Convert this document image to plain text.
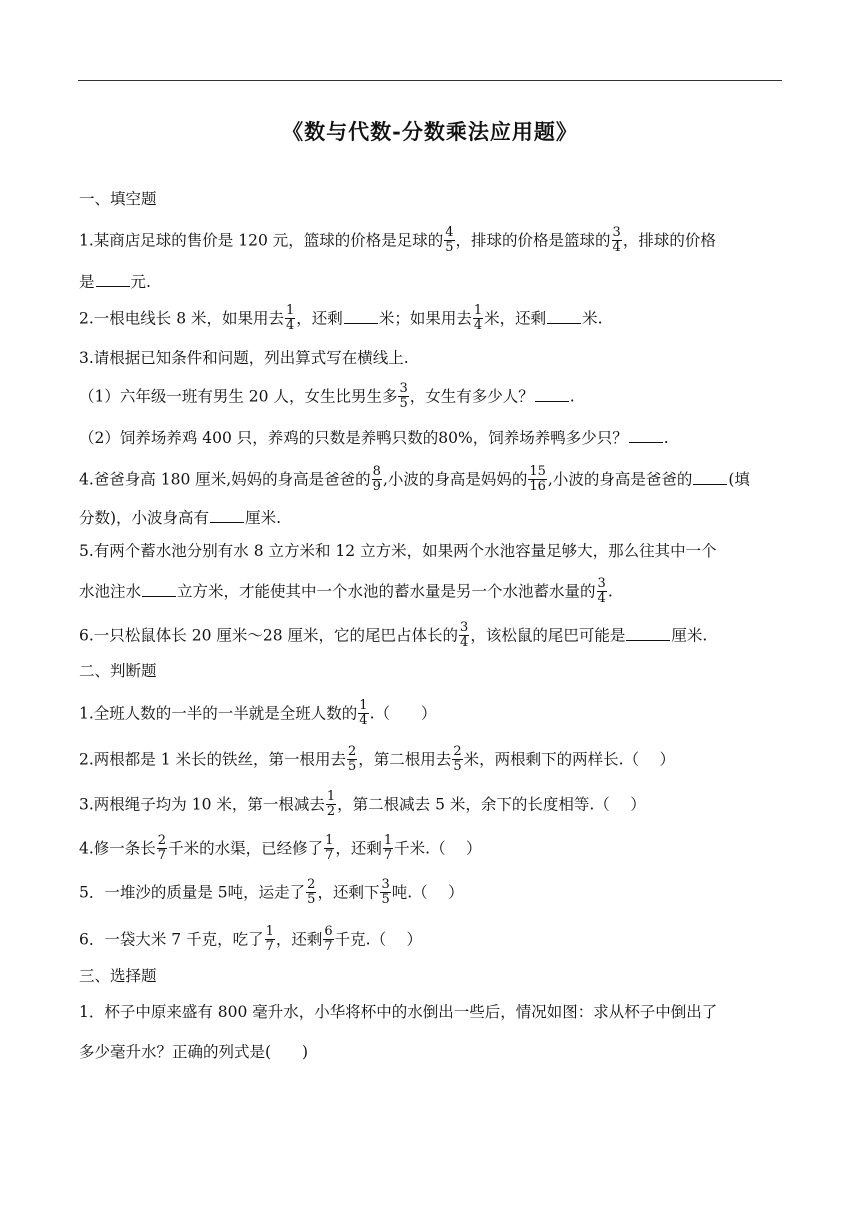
《数与代数-分数乘法应用题》
一、填空题
1.某商店足球的售价是 120 元，篮球的价格是足球的 $\frac{4}{5}$ ，排球的价格是篮球的 $\frac{3}{4}$ ，排球的价格
是 元.
2.一根电线长 8 米，如果用去 $\frac{1}{4}$ ，还剩 米；如果用去 $\frac{1}{4}$ 米，还剩 米.
3.请根据已知条件和问题，列出算式写在横线上.
（1）六年级一班有男生 20 人，女生比男生多 $\frac{3}{5}$ ，女生有多少人？ .
（2）饲养场养鸡 400 只，养鸡的只数是养鸭只数的80%，饲养场养鸭多少只？ .
4.爸爸身高 180 厘米,妈妈的身高是爸爸的 $\frac{8}{9}$ ,小波的身高是妈妈的 $\frac{15}{16}$ ,小波的身高是爸爸的 (填
分数)，小波身高有 厘米.
5.有两个蓄水池分别有水 8 立方米和 12 立方米，如果两个水池容量足够大，那么往其中一个
水池注水 立方米，才能使其中一个水池的蓄水量是另一个水池蓄水量的 $\frac{3}{4}$ .
6.一只松鼠体长 20 厘米～28 厘米，它的尾巴占体长的 $\frac{3}{4}$ ，该松鼠的尾巴可能是	厘米.
二、判断题
1.全班人数的一半的一半就是全班人数的 $\frac{1}{4}$ .（　　）
2.两根都是 1 米长的铁丝，第一根用去 $\frac{2}{5}$ ，第二根用去 $\frac{2}{5}$ 米，两根剩下的两样长.（　 ）
3.两根绳子均为 10 米，第一根减去 $\frac{1}{2}$ ，第二根减去 5 米，余下的长度相等.（　 ）
4.修一条长 $\frac{2}{7}$ 千米的水渠，已经修了 $\frac{1}{7}$ ，还剩 $\frac{1}{7}$ 千米.（　 ）
5．一堆沙的质量是 5吨，运走了 $\frac{2}{5}$ ，还剩下 $\frac{3}{5}$ 吨.（　 ）
6．一袋大米 7 千克，吃了 $\frac{1}{7}$ ，还剩 $\frac{6}{7}$ 千克.（　 ）
三、选择题
1．杯子中原来盛有 800 毫升水，小华将杯中的水倒出一些后，情况如图：求从杯子中倒出了
多少毫升水？正确的列式是(　　)
